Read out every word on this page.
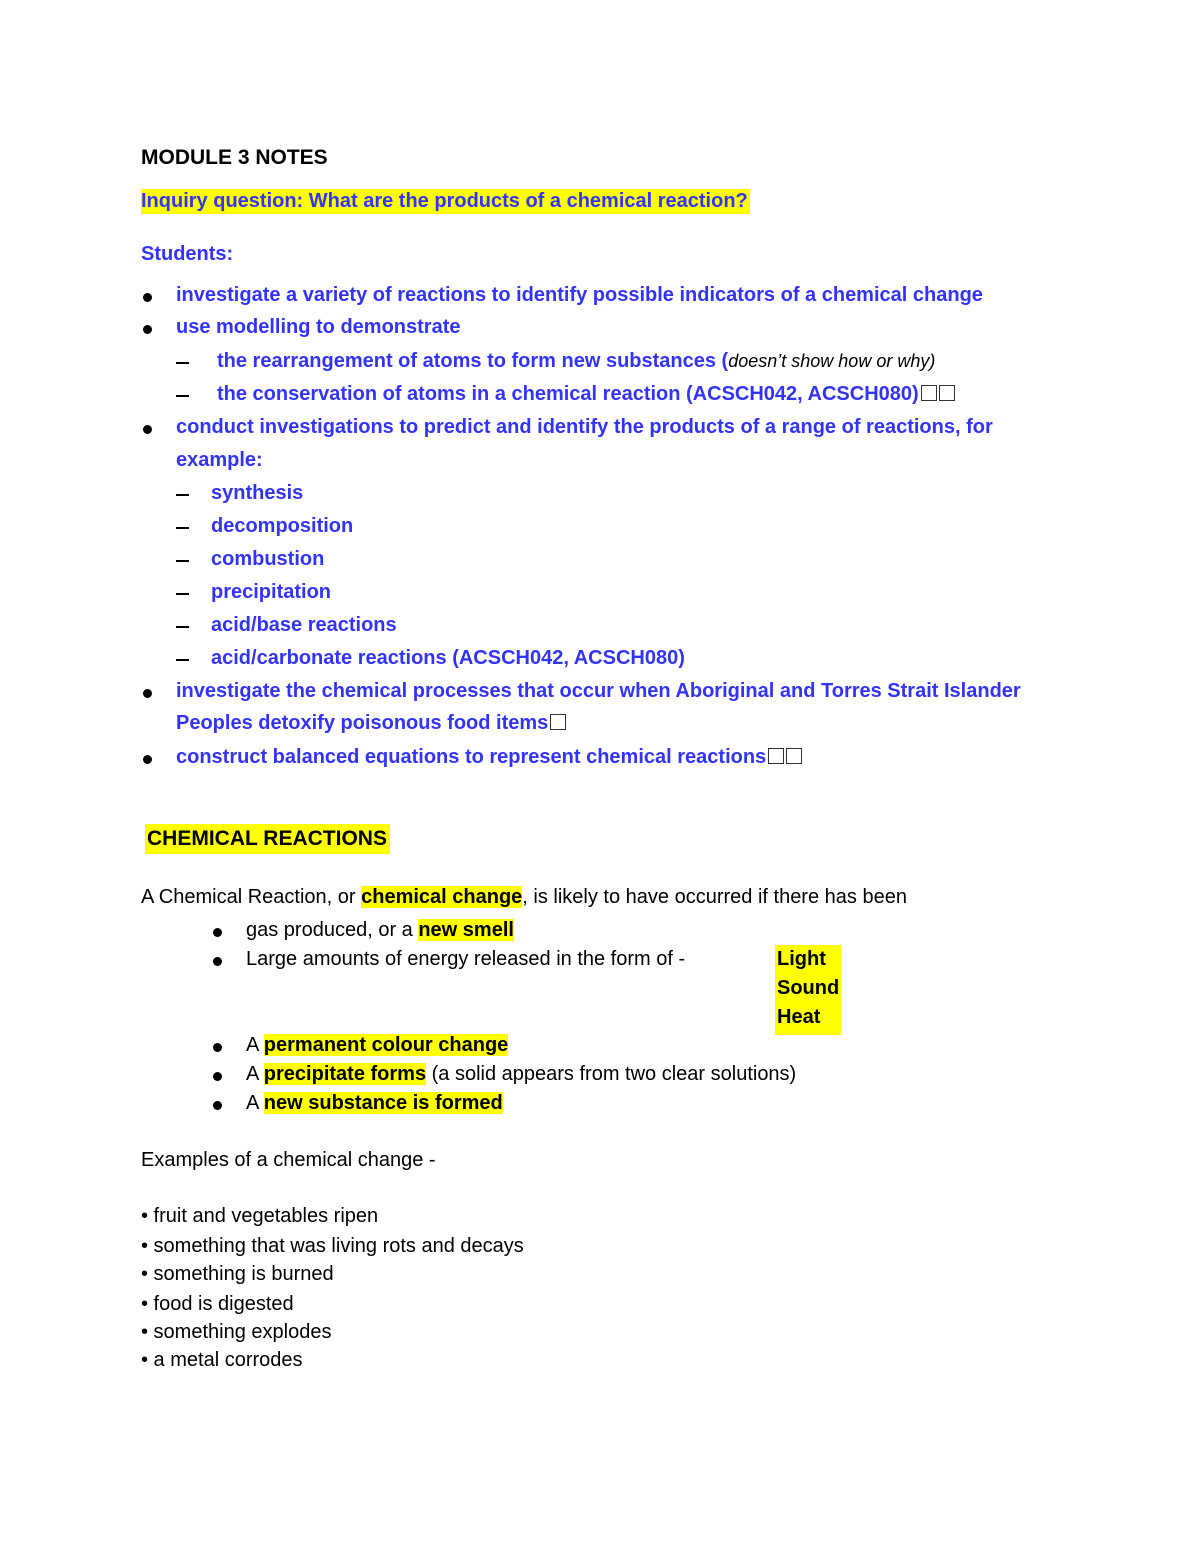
MODULE 3 NOTES
Inquiry question: What are the products of a chemical reaction?
Students:
investigate a variety of reactions to identify possible indicators of a chemical change
use modelling to demonstrate
the rearrangement of atoms to form new substances (doesn’t show how or why)
the conservation of atoms in a chemical reaction (ACSCH042, ACSCH080)
conduct investigations to predict and identify the products of a range of reactions, for
example:
synthesis
decomposition
combustion
precipitation
acid/base reactions
acid/carbonate reactions (ACSCH042, ACSCH080)
investigate the chemical processes that occur when Aboriginal and Torres Strait Islander
Peoples detoxify poisonous food items
construct balanced equations to represent chemical reactions
CHEMICAL REACTIONS
A Chemical Reaction, or chemical change, is likely to have occurred if there has been
gas produced, or a new smell
Large amounts of energy released in the form of -	Light
Sound
Heat
A permanent colour change
A precipitate forms (a solid appears from two clear solutions)
A new substance is formed
Examples of a chemical change -
• fruit and vegetables ripen
• something that was living rots and decays
• something is burned
• food is digested
• something explodes
• a metal corrodes
